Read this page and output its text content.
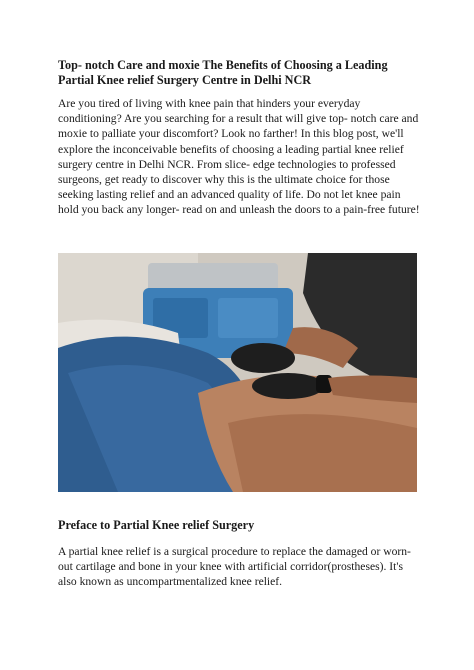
Top- notch Care and moxie The Benefits of Choosing a Leading Partial Knee relief Surgery Centre in Delhi NCR

Are you tired of living with knee pain that hinders your everyday conditioning? Are you searching for a result that will give top- notch care and moxie to palliate your discomfort? Look no farther! In this blog post, we'll explore the inconceivable benefits of choosing a leading partial knee relief surgery centre in Delhi NCR. From slice- edge technologies to professed surgeons, get ready to discover why this is the ultimate choice for those seeking lasting relief and an advanced quality of life. Do not let knee pain hold you back any longer- read on and unleash the doors to a pain-free future!

Preface to Partial Knee relief Surgery

A partial knee relief is a surgical procedure to replace the damaged or worn-out cartilage and bone in your knee with artificial corridor(prostheses). It's also known as uncompartmentalized knee relief.
